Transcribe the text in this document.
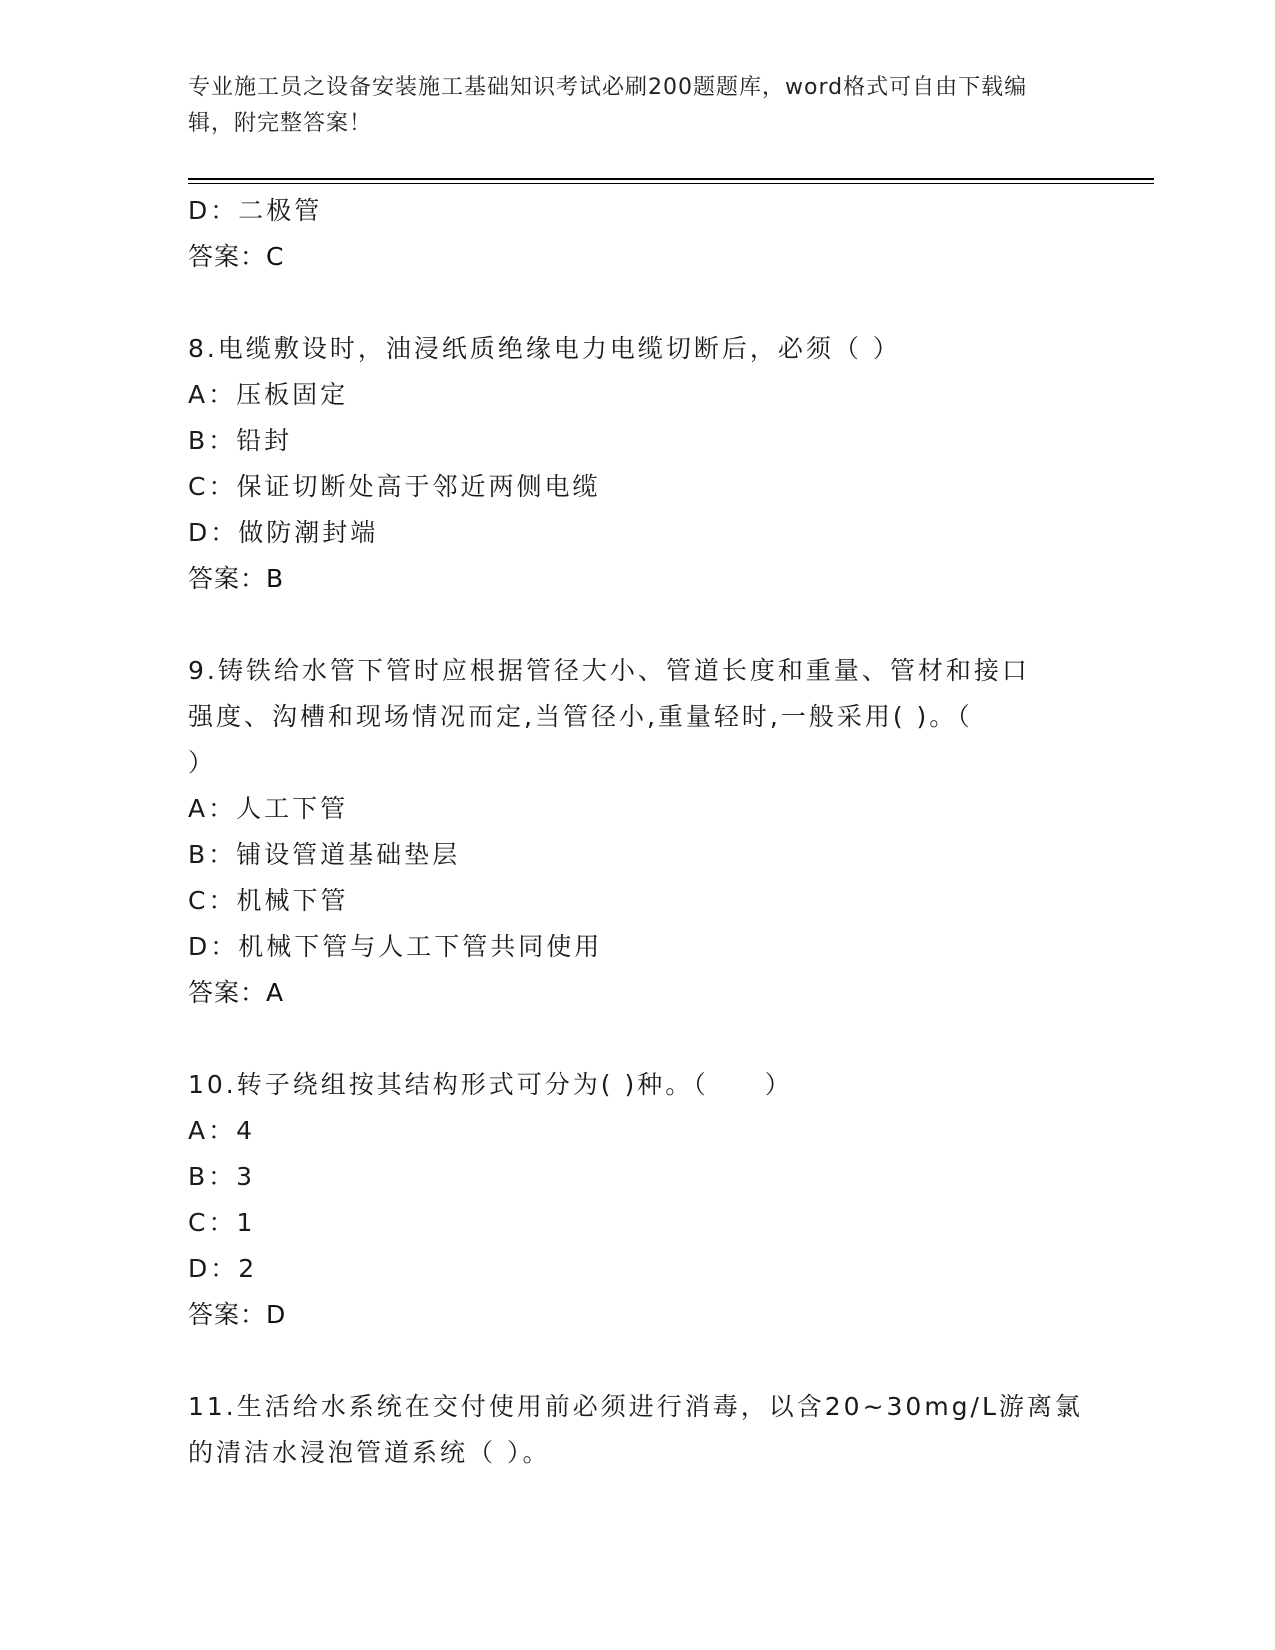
专业施工员之设备安装施工基础知识考试必刷200题题库，word格式可自由下载编辑，附完整答案！
D：二极管
答案：C
8.电缆敷设时，油浸纸质绝缘电力电缆切断后，必须（ ）
A：压板固定
B：铅封
C：保证切断处高于邻近两侧电缆
D：做防潮封端
答案：B
9.铸铁给水管下管时应根据管径大小、管道长度和重量、管材和接口
强度、沟槽和现场情况而定,当管径小,重量轻时,一般采用( )。（
）
A：人工下管
B：铺设管道基础垫层
C：机械下管
D：机械下管与人工下管共同使用
答案：A
10.转子绕组按其结构形式可分为( )种。（　　）
A：4
B：3
C：1
D：2
答案：D
11.生活给水系统在交付使用前必须进行消毒，以含20~30mg/L游离氯
的清洁水浸泡管道系统（ ）。
